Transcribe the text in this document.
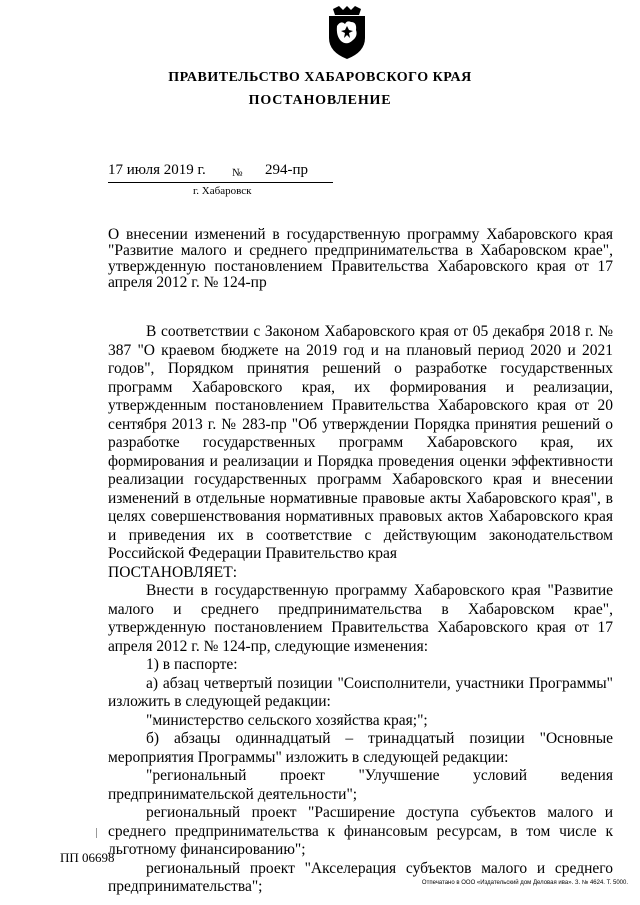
ПРАВИТЕЛЬСТВО ХАБАРОВСКОГО КРАЯ

ПОСТАНОВЛЕНИЕ

17 июля 2019 г. № 294-пр
г. Хабаровск

О внесении изменений в государственную программу Хабаровского края "Развитие малого и среднего предпринимательства в Хабаровском крае", утвержденную постановлением Правительства Хабаровского края от 17 апреля 2012 г. № 124-пр

В соответствии с Законом Хабаровского края от 05 декабря 2018 г. № 387 "О краевом бюджете на 2019 год и на плановый период 2020 и 2021 годов", Порядком принятия решений о разработке государственных программ Хабаровского края, их формирования и реализации, утвержденным постановлением Правительства Хабаровского края от 20 сентября 2013 г. № 283-пр "Об утверждении Порядка принятия решений о разработке государственных программ Хабаровского края, их формирования и реализации и Порядка проведения оценки эффективности реализации государственных программ Хабаровского края и внесении изменений в отдельные нормативные правовые акты Хабаровского края", в целях совершенствования нормативных правовых актов Хабаровского края и приведения их в соответствие с действующим законодательством Российской Федерации Правительство края

ПОСТАНОВЛЯЕТ:

Внести в государственную программу Хабаровского края "Развитие малого и среднего предпринимательства в Хабаровском крае", утвержденную постановлением Правительства Хабаровского края от 17 апреля 2012 г. № 124-пр, следующие изменения:

1) в паспорте:

а) абзац четвертый позиции "Соисполнители, участники Программы" изложить в следующей редакции:

"министерство сельского хозяйства края;";

б) абзацы одиннадцатый – тринадцатый позиции "Основные мероприятия Программы" изложить в следующей редакции:

"региональный проект "Улучшение условий ведения предпринимательской деятельности";

региональный проект "Расширение доступа субъектов малого и среднего предпринимательства к финансовым ресурсам, в том числе к льготному финансированию";

региональный проект "Акселерация субъектов малого и среднего предпринимательства";

ПП 06698
Отпечатано в ООО «Издательский дом Деловая ива». З. № 4624. Т. 5000.
